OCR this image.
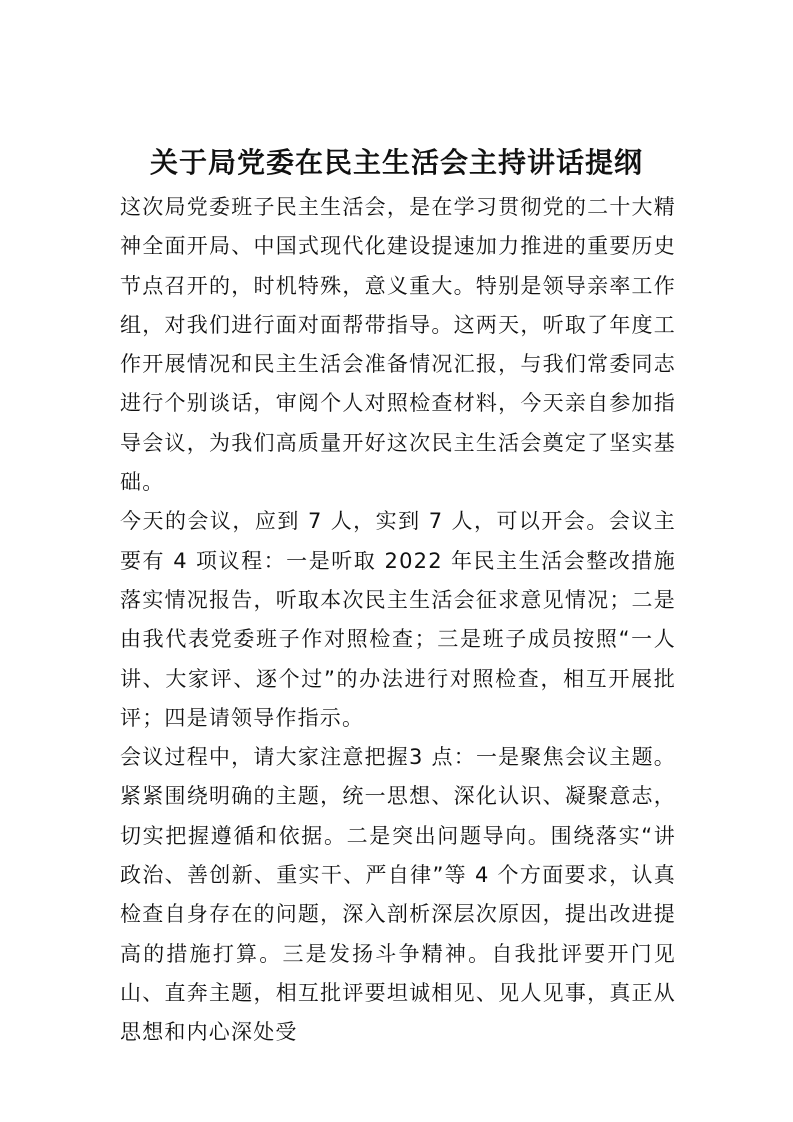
关于局党委在民主生活会主持讲话提纲

这次局党委班子民主生活会，是在学习贯彻党的二十大精神全面开局、中国式现代化建设提速加力推进的重要历史节点召开的，时机特殊，意义重大。特别是领导亲率工作组，对我们进行面对面帮带指导。这两天，听取了年度工作开展情况和民主生活会准备情况汇报，与我们常委同志进行个别谈话，审阅个人对照检查材料，今天亲自参加指导会议，为我们高质量开好这次民主生活会奠定了坚实基础。

今天的会议，应到 7 人，实到 7 人，可以开会。会议主要有 4 项议程：一是听取 2022 年民主生活会整改措施落实情况报告，听取本次民主生活会征求意见情况；二是由我代表党委班子作对照检查；三是班子成员按照“一人讲、大家评、逐个过”的办法进行对照检查，相互开展批评；四是请领导作指示。

会议过程中，请大家注意把握3 点：一是聚焦会议主题。紧紧围绕明确的主题，统一思想、深化认识、凝聚意志，切实把握遵循和依据。二是突出问题导向。围绕落实“讲政治、善创新、重实干、严自律”等 4 个方面要求，认真检查自身存在的问题，深入剖析深层次原因，提出改进提高的措施打算。三是发扬斗争精神。自我批评要开门见山、直奔主题，相互批评要坦诚相见、见人见事，真正从思想和内心深处受
